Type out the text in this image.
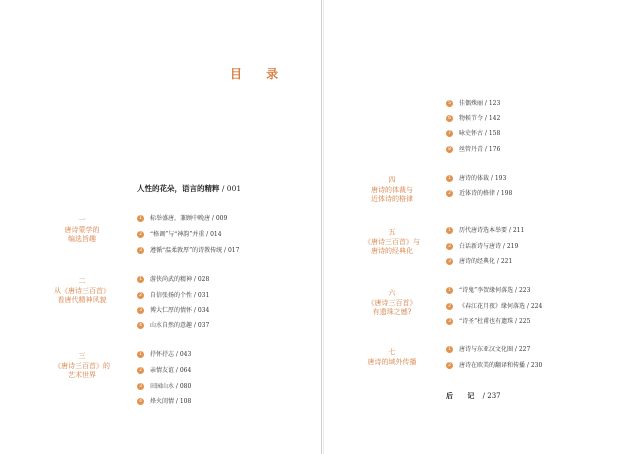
目 录
人性的花朵，语言的精粹 / 001
一
唐诗蒙学的
编选旨趣
1 标举盛唐，兼顾中晚唐 / 009
2 “格调”与“神韵”并重 / 014
3 遵循“温柔敦厚”的诗教传统 / 017
二
从《唐诗三百首》
看唐代精神风貌
1 游侠尚武的精神 / 028
2 自信张扬的个性 / 031
3 博大仁厚的情怀 / 034
4 山水自然的意趣 / 037
三
《唐诗三百首》的
艺术世界
1 抒怀抒志 / 043
2 亲情友谊 / 064
3 田园山水 / 080
4 烽火闺情 / 108
5 佳偶殊丽 / 123
6 物候节令 / 142
7 咏史怀古 / 158
8 丝管丹青 / 176
四
唐诗的体裁与
近体诗的格律
1 唐诗的体裁 / 193
2 近体诗的格律 / 198
五
《唐诗三百首》与
唐诗的经典化
1 历代唐诗选本举要 / 211
2 白话新诗与唐诗 / 219
3 唐诗的经典化 / 221
六
《唐诗三百首》
有遗珠之憾?
1 “诗鬼”李贺缘何落选 / 223
2 《春江花月夜》缘何落选 / 224
3 “诗圣”杜甫也有遗珠 / 225
七
唐诗的域外传播
1 唐诗与东亚汉文化圈 / 227
2 唐诗在欧美的翻译和传播 / 230
后 记 / 237
